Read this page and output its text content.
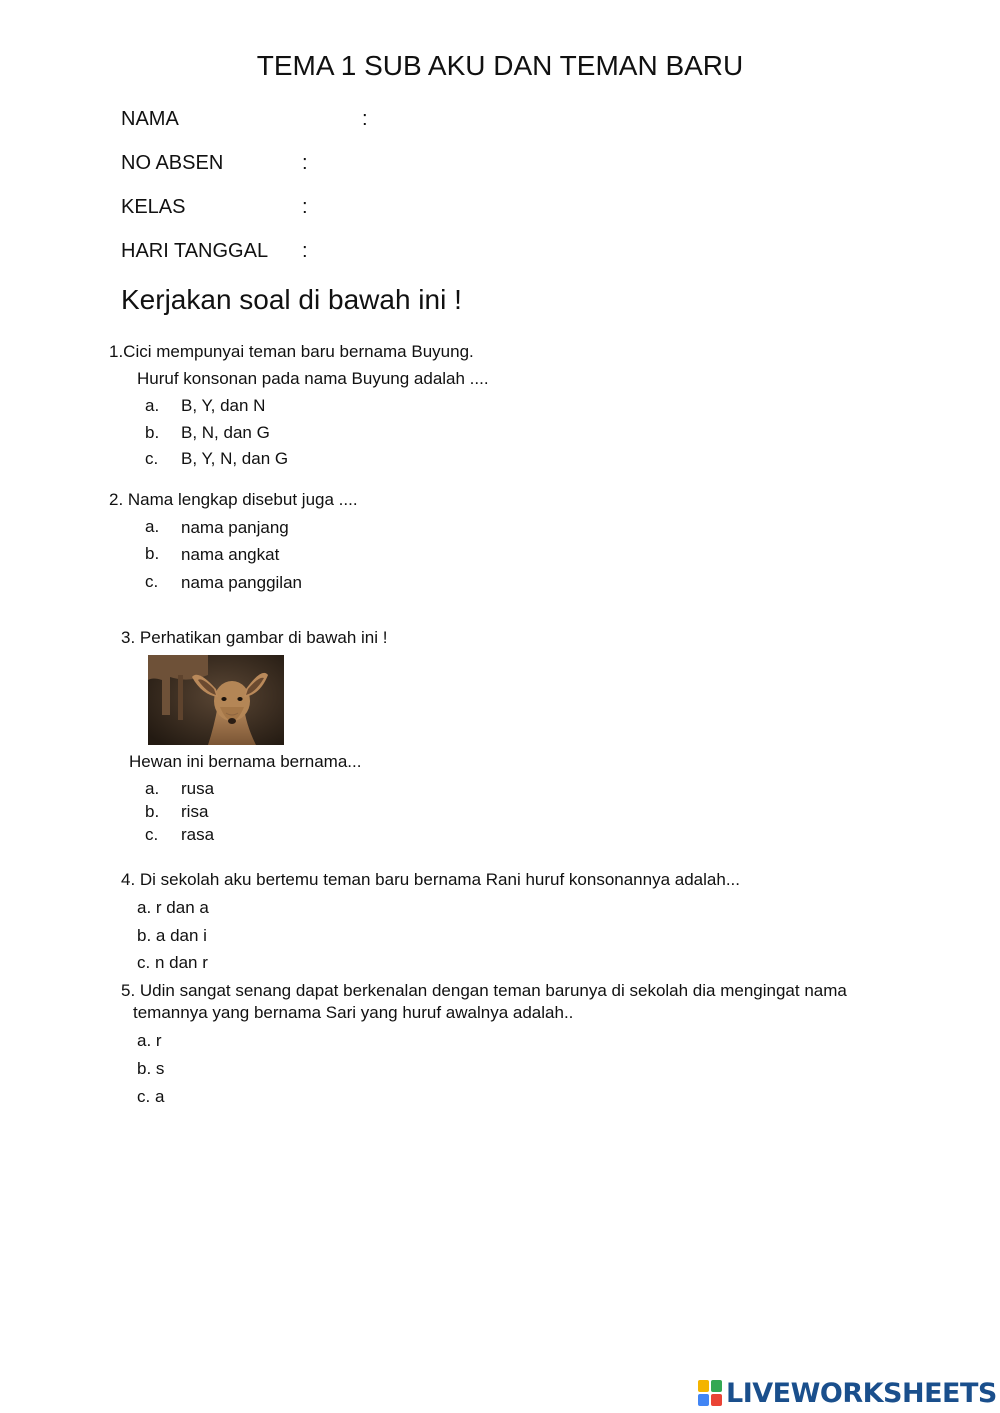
TEMA 1 SUB AKU DAN TEMAN BARU
NAMA	:
NO ABSEN	:
KELAS	:
HARI TANGGAL :
Kerjakan soal di bawah ini !
1.Cici mempunyai teman baru bernama Buyung.
Huruf konsonan pada nama Buyung adalah ....
a. B, Y, dan N
b. B, N, dan G
c. B, Y, N, dan G
2. Nama lengkap disebut juga ....
a. nama panjang
b. nama angkat
c. nama panggilan
3. Perhatikan gambar di bawah ini !
Hewan ini bernama bernama...
a. rusa
b. risa
c. rasa
4. Di sekolah aku bertemu teman baru bernama Rani huruf konsonannya adalah...
a. r dan a
b. a dan i
c. n dan r
5. Udin sangat senang dapat berkenalan dengan teman barunya di sekolah dia mengingat nama
temannya yang bernama Sari yang huruf awalnya adalah..
a. r
b. s
c. a
LIVEWORKSHEETS
